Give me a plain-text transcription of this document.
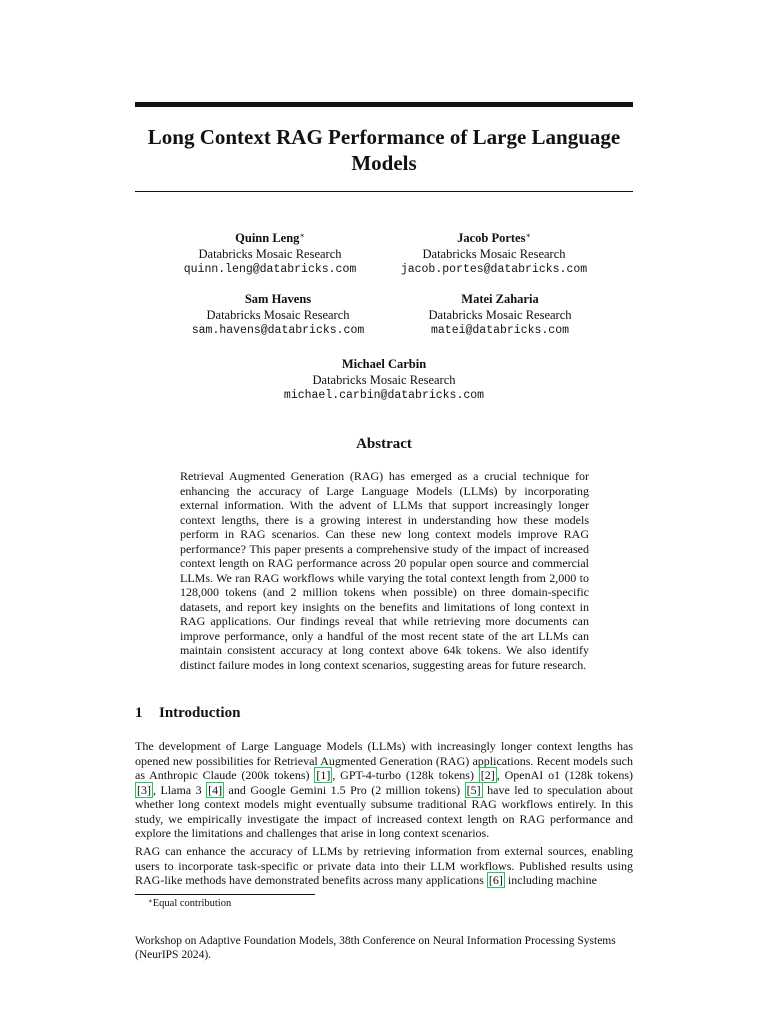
Long Context RAG Performance of Large Language Models
Quinn Leng∗
Databricks Mosaic Research
quinn.leng@databricks.com
Jacob Portes∗
Databricks Mosaic Research
jacob.portes@databricks.com
Sam Havens
Databricks Mosaic Research
sam.havens@databricks.com
Matei Zaharia
Databricks Mosaic Research
matei@databricks.com
Michael Carbin
Databricks Mosaic Research
michael.carbin@databricks.com
Abstract
Retrieval Augmented Generation (RAG) has emerged as a crucial technique for enhancing the accuracy of Large Language Models (LLMs) by incorporating external information. With the advent of LLMs that support increasingly longer context lengths, there is a growing interest in understanding how these models perform in RAG scenarios. Can these new long context models improve RAG performance? This paper presents a comprehensive study of the impact of increased context length on RAG performance across 20 popular open source and commercial LLMs. We ran RAG workflows while varying the total context length from 2,000 to 128,000 tokens (and 2 million tokens when possible) on three domain-specific datasets, and report key insights on the benefits and limitations of long context in RAG applications. Our findings reveal that while retrieving more documents can improve performance, only a handful of the most recent state of the art LLMs can maintain consistent accuracy at long context above 64k tokens. We also identify distinct failure modes in long context scenarios, suggesting areas for future research.
1 Introduction
The development of Large Language Models (LLMs) with increasingly longer context lengths has opened new possibilities for Retrieval Augmented Generation (RAG) applications. Recent models such as Anthropic Claude (200k tokens) [1] , GPT-4-turbo (128k tokens) [2] , OpenAI o1 (128k tokens) [3] , Llama 3 [4] and Google Gemini 1.5 Pro (2 million tokens) [5] have led to speculation about whether long context models might eventually subsume traditional RAG workflows entirely. In this study, we empirically investigate the impact of increased context length on RAG performance and explore the limitations and challenges that arise in long context scenarios.
RAG can enhance the accuracy of LLMs by retrieving information from external sources, enabling users to incorporate task-specific or private data into their LLM workflows. Published results using RAG-like methods have demonstrated benefits across many applications [6] including machine
∗Equal contribution
Workshop on Adaptive Foundation Models, 38th Conference on Neural Information Processing Systems (NeurIPS 2024).
